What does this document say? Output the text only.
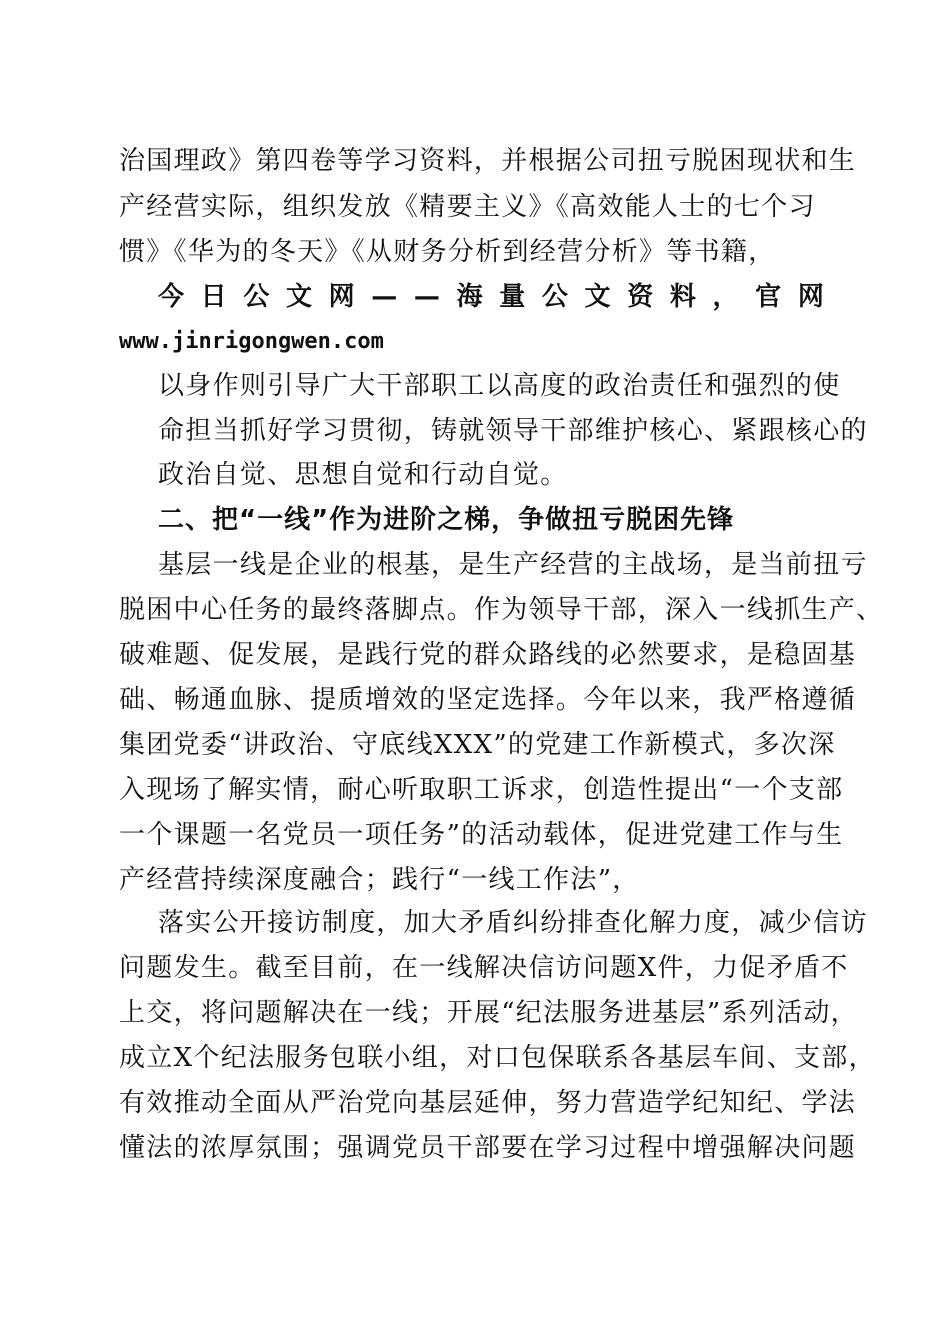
治国理政》第四卷等学习资料，并根据公司扭亏脱困现状和生
产经营实际，组织发放《精要主义》《高效能人士的七个习
惯》《华为的冬天》《从财务分析到经营分析》等书籍，
今 日 公 文 网 — — 海 量 公 文 资 料 ， 官 网
www.jinrigongwen.com
以身作则引导广大干部职工以高度的政治责任和强烈的使
命担当抓好学习贯彻，铸就领导干部维护核心、紧跟核心的
政治自觉、思想自觉和行动自觉。
二、把“一线”作为进阶之梯，争做扭亏脱困先锋
基层一线是企业的根基，是生产经营的主战场，是当前扭亏
脱困中心任务的最终落脚点。作为领导干部，深入一线抓生产、
破难题、促发展，是践行党的群众路线的必然要求，是稳固基
础、畅通血脉、提质增效的坚定选择。今年以来，我严格遵循
集团党委“讲政治、守底线XXX”的党建工作新模式，多次深
入现场了解实情，耐心听取职工诉求，创造性提出“一个支部
一个课题一名党员一项任务”的活动载体，促进党建工作与生
产经营持续深度融合；践行“一线工作法”，
落实公开接访制度，加大矛盾纠纷排查化解力度，减少信访
问题发生。截至目前，在一线解决信访问题X件，力促矛盾不
上交，将问题解决在一线；开展“纪法服务进基层”系列活动，
成立X个纪法服务包联小组，对口包保联系各基层车间、支部，
有效推动全面从严治党向基层延伸，努力营造学纪知纪、学法
懂法的浓厚氛围；强调党员干部要在学习过程中增强解决问题
